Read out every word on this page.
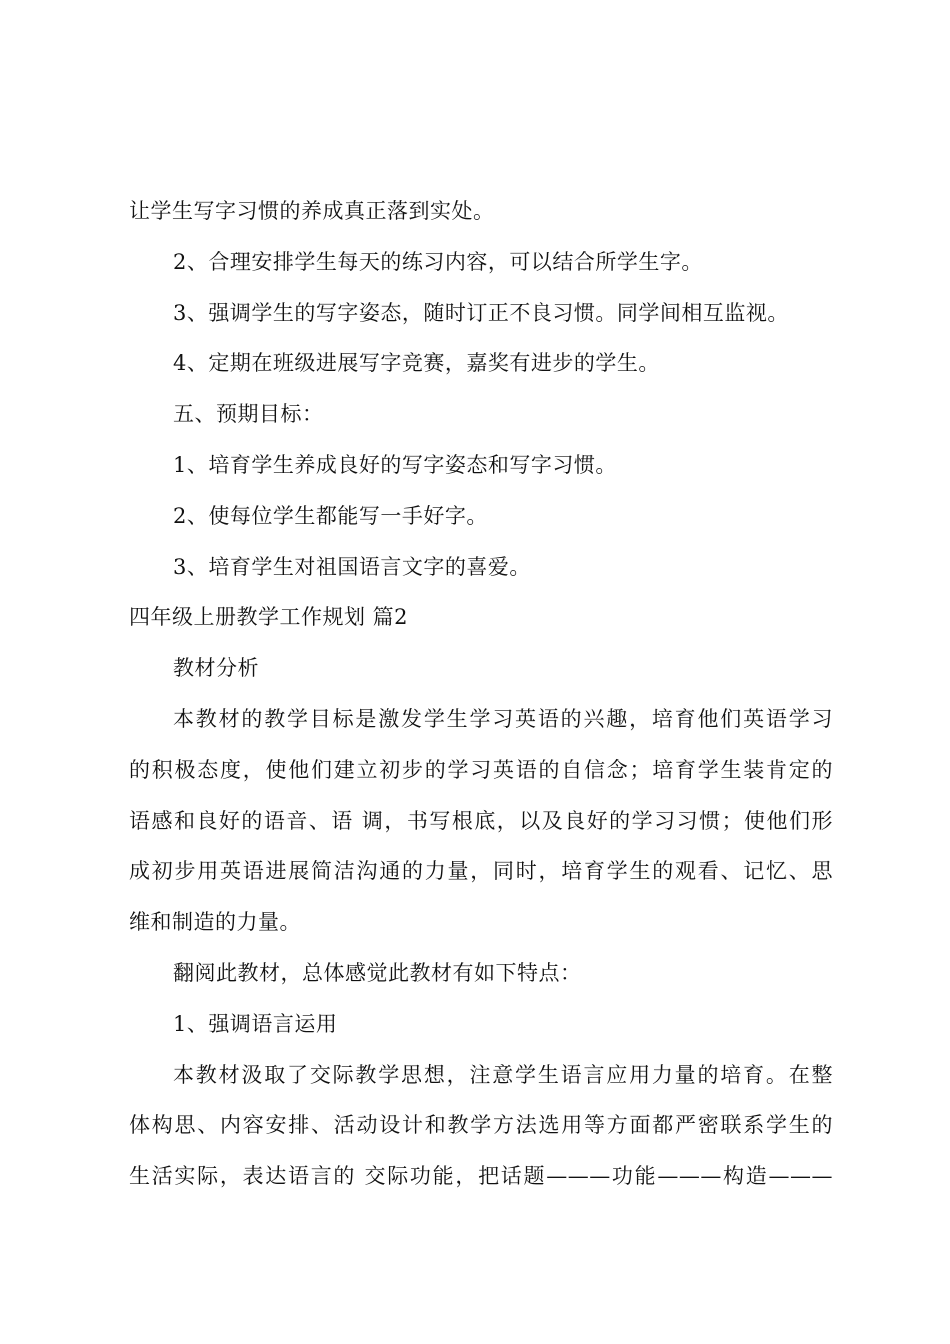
让学生写字习惯的养成真正落到实处。
2、合理安排学生每天的练习内容，可以结合所学生字。
3、强调学生的写字姿态，随时订正不良习惯。同学间相互监视。
4、定期在班级进展写字竞赛，嘉奖有进步的学生。
五、预期目标：
1、培育学生养成良好的写字姿态和写字习惯。
2、使每位学生都能写一手好字。
3、培育学生对祖国语言文字的喜爱。
四年级上册教学工作规划 篇2
教材分析
本教材的教学目标是激发学生学习英语的兴趣，培育他们英语学习
的积极态度，使他们建立初步的学习英语的自信念；培育学生装肯定的
语感和良好的语音、语 调，书写根底，以及良好的学习习惯；使他们形
成初步用英语进展简洁沟通的力量，同时，培育学生的观看、记忆、思
维和制造的力量。
翻阅此教材，总体感觉此教材有如下特点：
1、强调语言运用
本教材汲取了交际教学思想，注意学生语言应用力量的培育。在整
体构思、内容安排、活动设计和教学方法选用等方面都严密联系学生的
生活实际，表达语言的 交际功能，把话题———功能———构造———
